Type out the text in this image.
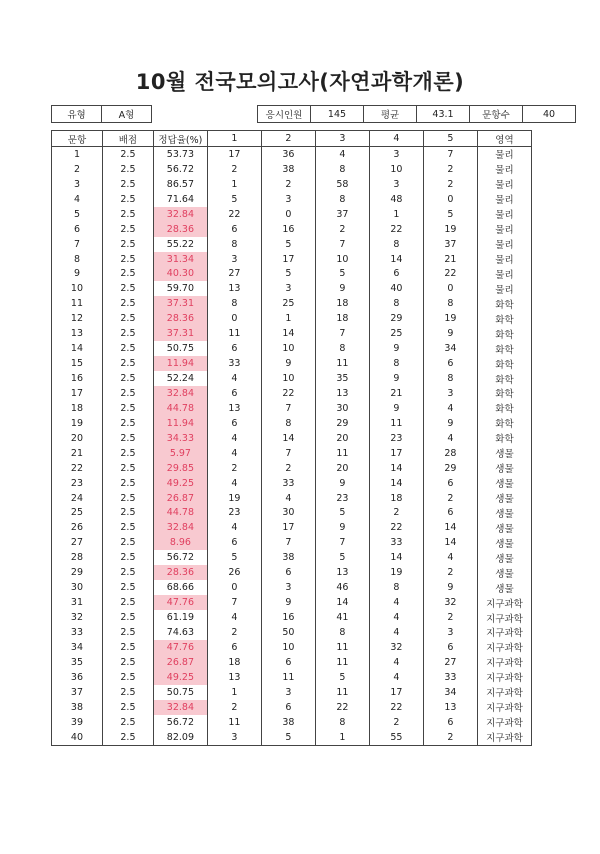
10월 전국모의고사(자연과학개론)
유형	A형		응시인원	145	평균	43.1	문항수	40
문항	배점	정답율(%)	1	2	3	4	5	영역
1	2.5	53.73	17	36	4	3	7	물리
2	2.5	56.72	2	38	8	10	2	물리
3	2.5	86.57	1	2	58	3	2	물리
4	2.5	71.64	5	3	8	48	0	물리
5	2.5	32.84	22	0	37	1	5	물리
6	2.5	28.36	6	16	2	22	19	물리
7	2.5	55.22	8	5	7	8	37	물리
8	2.5	31.34	3	17	10	14	21	물리
9	2.5	40.30	27	5	5	6	22	물리
10	2.5	59.70	13	3	9	40	0	물리
11	2.5	37.31	8	25	18	8	8	화학
12	2.5	28.36	0	1	18	29	19	화학
13	2.5	37.31	11	14	7	25	9	화학
14	2.5	50.75	6	10	8	9	34	화학
15	2.5	11.94	33	9	11	8	6	화학
16	2.5	52.24	4	10	35	9	8	화학
17	2.5	32.84	6	22	13	21	3	화학
18	2.5	44.78	13	7	30	9	4	화학
19	2.5	11.94	6	8	29	11	9	화학
20	2.5	34.33	4	14	20	23	4	화학
21	2.5	5.97	4	7	11	17	28	생물
22	2.5	29.85	2	2	20	14	29	생물
23	2.5	49.25	4	33	9	14	6	생물
24	2.5	26.87	19	4	23	18	2	생물
25	2.5	44.78	23	30	5	2	6	생물
26	2.5	32.84	4	17	9	22	14	생물
27	2.5	8.96	6	7	7	33	14	생물
28	2.5	56.72	5	38	5	14	4	생물
29	2.5	28.36	26	6	13	19	2	생물
30	2.5	68.66	0	3	46	8	9	생물
31	2.5	47.76	7	9	14	4	32	지구과학
32	2.5	61.19	4	16	41	4	2	지구과학
33	2.5	74.63	2	50	8	4	3	지구과학
34	2.5	47.76	6	10	11	32	6	지구과학
35	2.5	26.87	18	6	11	4	27	지구과학
36	2.5	49.25	13	11	5	4	33	지구과학
37	2.5	50.75	1	3	11	17	34	지구과학
38	2.5	32.84	2	6	22	22	13	지구과학
39	2.5	56.72	11	38	8	2	6	지구과학
40	2.5	82.09	3	5	1	55	2	지구과학
